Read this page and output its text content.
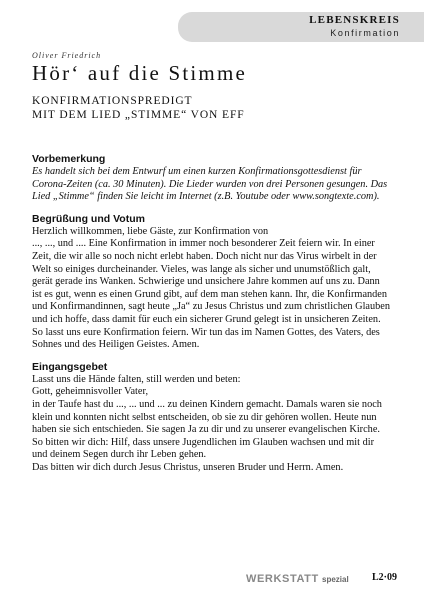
LEBENSKREIS
Konfirmation
Oliver Friedrich
Hör‘ auf die Stimme
KONFIRMATIONSPREDIGT
MIT DEM LIED „STIMME“ VON EFF
Vorbemerkung

Es handelt sich bei dem Entwurf um einen kurzen Konfirmationsgottesdienst für Corona-Zeiten (ca. 30 Minuten). Die Lieder wurden von drei Personen gesungen. Das Lied „Stimme“ finden Sie leicht im Internet (z.B. Youtube oder www.songtexte.com).

Begrüßung und Votum

Herzlich willkommen, liebe Gäste, zur Konfirmation von

..., ..., und .... Eine Konfirmation in immer noch besonderer Zeit feiern wir. In einer Zeit, die wir alle so noch nicht erlebt haben. Doch nicht nur das Virus wirbelt in der Welt so einiges durcheinander. Vieles, was lange als sicher und unumstößlich galt, gerät gerade ins Wanken. Schwierige und unsichere Jahre kommen auf uns zu. Dann ist es gut, wenn es einen Grund gibt, auf dem man stehen kann. Ihr, die Konfirmanden und Konfirmandinnen, sagt heute „Ja“ zu Jesus Christus und zum christlichen Glauben und ich hoffe, dass damit für euch ein sicherer Grund gelegt ist in unsicheren Zeiten.

So lasst uns eure Konfirmation feiern. Wir tun das im Namen Gottes, des Vaters, des Sohnes und des Heiligen Geistes. Amen.

Eingangsgebet

Lasst uns die Hände falten, still werden und beten:

Gott, geheimnisvoller Vater,

in der Taufe hast du ..., ... und ... zu deinen Kindern gemacht. Damals waren sie noch klein und konnten nicht selbst entscheiden, ob sie zu dir gehören wollen. Heute nun haben sie sich entschieden. Sie sagen Ja zu dir und zu unserer evangelischen Kirche.

So bitten wir dich: Hilf, dass unsere Jugendlichen im Glauben wachsen und mit dir und deinem Segen durch ihr Leben gehen.

Das bitten wir dich durch Jesus Christus, unseren Bruder und Herrn. Amen.

WERKSTATT spezial L2·09
